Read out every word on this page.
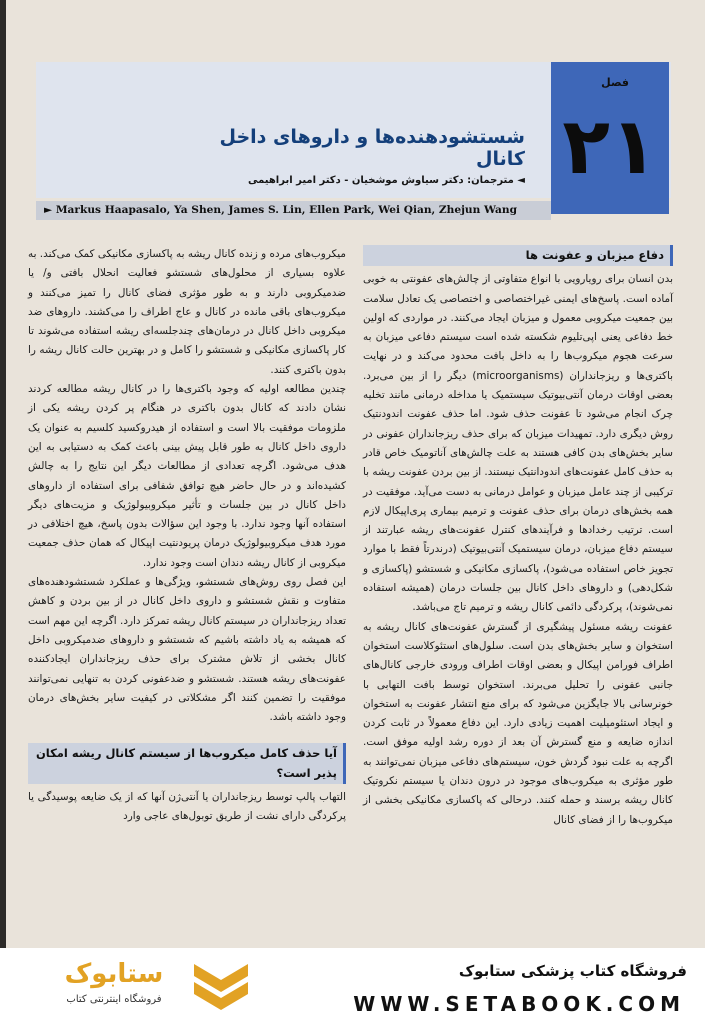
فصل
۲۱
شستشودهنده‌ها و داروهای داخل کانال
◄ مترجمان: دکتر سیاوش موشخیان - دکتر امیر ابراهیمی
► Markus Haapasalo, Ya Shen, James S. Lin, Ellen Park, Wei Qian, Zhejun Wang
دفاع میزبان و عفونت ها

بدن انسان برای رویارویی با انواع متفاوتی از چالش‌های عفونتی به خوبی آماده است. پاسخ‌های ایمنی غیراختصاصی و اختصاصی یک تعادل سلامت بین جمعیت میکروبی معمول و میزبان ایجاد می‌کنند. در مواردی که اولین خط دفاعی یعنی اپی‌تلیوم شکسته شده است سیستم دفاعی میزبان به سرعت هجوم میکروب‌ها را به داخل بافت محدود می‌کند و در نهایت باکتری‌ها و ریزجانداران (microorganisms) دیگر را از بین می‌برد. بعضی اوقات درمان آنتی‌بیوتیک سیستمیک یا مداخله درمانی مانند تخلیه چرک انجام می‌شود تا عفونت حذف شود. اما حذف عفونت اندودنتیک روش دیگری دارد. تمهیدات میزبان که برای حذف ریزجانداران عفونی در سایر بخش‌های بدن کافی هستند به علت چالش‌های آناتومیک خاص قادر به حذف کامل عفونت‌های اندودانتیک نیستند. از بین بردن عفونت ریشه با ترکیبی از چند عامل میزبان و عوامل درمانی به دست می‌آید. موفقیت در همه بخش‌های درمان برای حذف عفونت و ترمیم بیماری پری‌اپیکال لازم است. ترتیب رخدادها و فرآیندهای کنترل عفونت‌های ریشه عبارتند از سیستم دفاع میزبان، درمان سیستمیک آنتی‌بیوتیک (درندرتاً فقط با موارد تجویز خاص استفاده می‌شود)، پاکسازی مکانیکی و شستشو (پاکسازی و شکل‌دهی) و داروهای داخل کانال بین جلسات درمان (همیشه استفاده نمی‌شوند)، پرکردگی دائمی کانال ریشه و ترمیم تاج می‌باشد.

عفونت ریشه مسئول پیشگیری از گسترش عفونت‌های کانال ریشه به استخوان و سایر بخش‌های بدن است. سلول‌های استئوکلاست استخوان اطراف فورامن اپیکال و بعضی اوقات اطراف ورودی خارجی کانال‌های جانبی عفونی را تحلیل می‌برند. استخوان توسط بافت التهابی با خونرسانی بالا جایگزین می‌شود که برای منع انتشار عفونت به استخوان و ایجاد استئومیلیت اهمیت زیادی دارد. این دفاع معمولاً در ثابت کردن اندازه ضایعه و منع گسترش آن بعد از دوره رشد اولیه موفق است. اگرچه به علت نبود گردش خون، سیستم‌های دفاعی میزبان نمی‌توانند به طور مؤثری به میکروب‌های موجود در درون دندان یا سیستم نکروتیک کانال ریشه برسند و حمله کنند. درحالی که پاکسازی مکانیکی بخشی از میکروب‌ها را از فضای کانال

میکروب‌های مرده و زنده کانال ریشه به پاکسازی مکانیکی کمک می‌کند. به علاوه بسیاری از محلول‌های شستشو فعالیت انحلال بافتی و/ یا ضدمیکروبی دارند و به طور مؤثری فضای کانال را تمیز می‌کنند و میکروب‌های باقی مانده در کانال و عاج اطراف را می‌کشند. داروهای ضد میکروبی داخل کانال در درمان‌های چندجلسه‌ای ریشه استفاده می‌شوند تا کار پاکسازی مکانیکی و شستشو را کامل و در بهترین حالت کانال ریشه را بدون باکتری کنند.

چندین مطالعه اولیه که وجود باکتری‌ها را در کانال ریشه مطالعه کردند نشان دادند که کانال بدون باکتری در هنگام پر کردن ریشه یکی از ملزومات موفقیت بالا است و استفاده از هیدروکسید کلسیم به عنوان یک داروی داخل کانال به طور قابل پیش بینی باعث کمک به دستیابی به این هدف می‌شود. اگرچه تعدادی از مطالعات دیگر این نتایج را به چالش کشیده‌اند و در حال حاضر هیچ توافق شفافی برای استفاده از داروهای داخل کانال در بین جلسات و تأثیر میکروبیولوژیک و مزیت‌های دیگر استفاده آنها وجود ندارد. با وجود این سؤالات بدون پاسخ، هیچ اختلافی در مورد هدف میکروبیولوژیک درمان پریودنتیت اپیکال که همان حذف جمعیت میکروبی از کانال ریشه دندان است وجود ندارد.

این فصل روی روش‌های شستشو، ویژگی‌ها و عملکرد شستشودهنده‌های متفاوت و نقش شستشو و داروی داخل کانال در از بین بردن و کاهش تعداد ریزجانداران در سیستم کانال ریشه تمرکز دارد. اگرچه این مهم است که همیشه به یاد داشته باشیم که شستشو و داروهای ضدمیکروبی داخل کانال بخشی از تلاش مشترک برای حذف ریزجانداران ایجادکننده عفونت‌های ریشه هستند. شستشو و ضدعفونی کردن به تنهایی نمی‌توانند موفقیت را تضمین کنند اگر مشکلاتی در کیفیت سایر بخش‌های درمان وجود داشته باشد.

آیا حذف کامل میکروب‌ها از سیستم کانال ریشه امکان پذیر است؟

التهاب پالپ توسط ریزجانداران یا آنتی‌ژن آنها که از یک ضایعه پوسیدگی یا پرکردگی دارای نشت از طریق توبول‌های عاجی وارد

ستابوک
فروشگاه اینترنتی کتاب
فروشگاه کتاب پزشکی ستابوک
WWW.SETABOOK.COM
